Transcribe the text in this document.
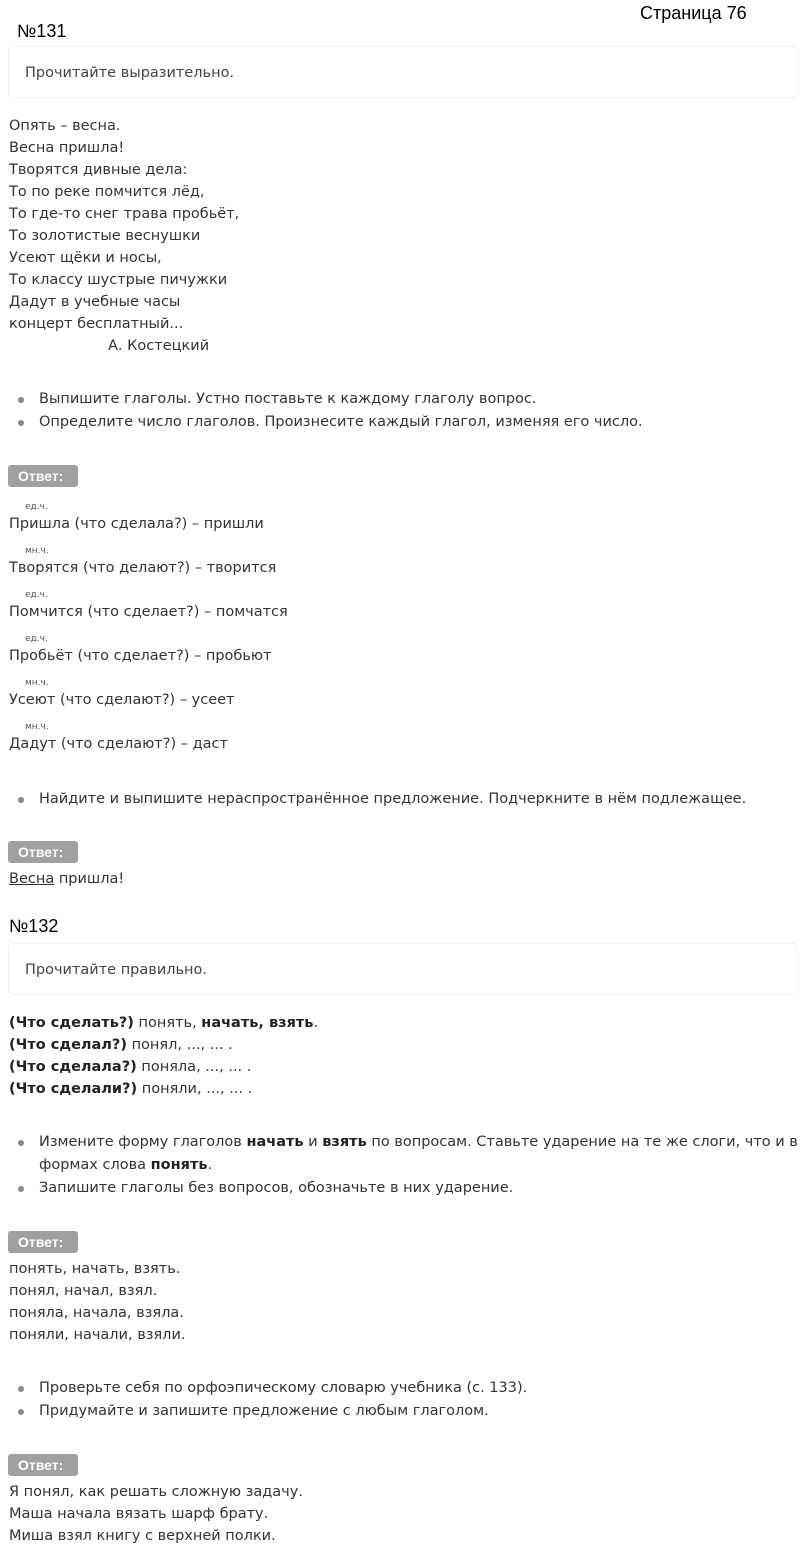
Страница 76
№131
Прочитайте выразительно.
Опять – весна.
Весна пришла!
Творятся дивные дела:
То по реке помчится лёд,
То где-то снег трава пробьёт,
То золотистые веснушки
Усеют щёки и носы,
То классу шустрые пичужки
Дадут в учебные часы
концерт бесплатный...
А. Костецкий
Выпишите глаголы. Устно поставьте к каждому глаголу вопрос.
Определите число глаголов. Произнесите каждый глагол, изменяя его число.
Ответ:
ед.ч.
Пришла (что сделала?) – пришли
мн.ч.
Творятся (что делают?) – творится
ед.ч.
Помчится (что сделает?) – помчатся
ед.ч.
Пробьёт (что сделает?) – пробьют
мн.ч.
Усеют (что сделают?) – усеет
мн.ч.
Дадут (что сделают?) – даст
Найдите и выпишите нераспространённое предложение. Подчеркните в нём подлежащее.
Ответ:
Весна пришла!
№132
Прочитайте правильно.
(Что сделать?) понять, начать, взять.
(Что сделал?) понял, ..., ... .
(Что сделала?) поняла, ..., ... .
(Что сделали?) поняли, ..., ... .
Измените форму глаголов начать и взять по вопросам. Ставьте ударение на те же слоги, что и в формах слова понять.
Запишите глаголы без вопросов, обозначьте в них ударение.
Ответ:
понять, начать, взять.
понял, начал, взял.
поняла, начала, взяла.
поняли, начали, взяли.
Проверьте себя по орфоэпическому словарю учебника (с. 133).
Придумайте и запишите предложение с любым глаголом.
Ответ:
Я понял, как решать сложную задачу.
Маша начала вязать шарф брату.
Миша взял книгу с верхней полки.
